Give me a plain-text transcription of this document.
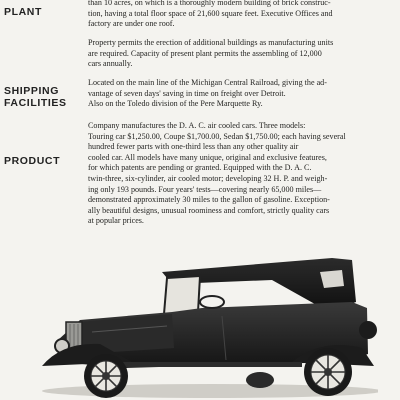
PLANT
SHIPPING
FACILITIES
PRODUCT
than 10 acres, on which is a thoroughly modern building of brick construc-
tion, having a total floor space of 21,600 square feet. Executive Offices and
factory are under one roof.
Property permits the erection of additional buildings as manufacturing units
are required. Capacity of present plant permits the assembling of 12,000
cars annually.
Located on the main line of the Michigan Central Railroad, giving the ad-
vantage of seven days' saving in time on freight over Detroit.
Also on the Toledo division of the Pere Marquette Ry.
Company manufactures the D. A. C. air cooled cars. Three models:
Touring car $1,250.00, Coupe $1,700.00, Sedan $1,750.00; each having several
hundred fewer parts with one-third less than any other quality air
cooled car. All models have many unique, original and exclusive features,
for which patents are pending or granted. Equipped with the D. A. C.
twin-three, six-cylinder, air cooled motor; developing 32 H. P. and weigh-
ing only 193 pounds. Four years' tests—covering nearly 65,000 miles—
demonstrated approximately 30 miles to the gallon of gasoline. Exception-
ally beautiful designs, unusual roominess and comfort, strictly quality cars
at popular prices.
